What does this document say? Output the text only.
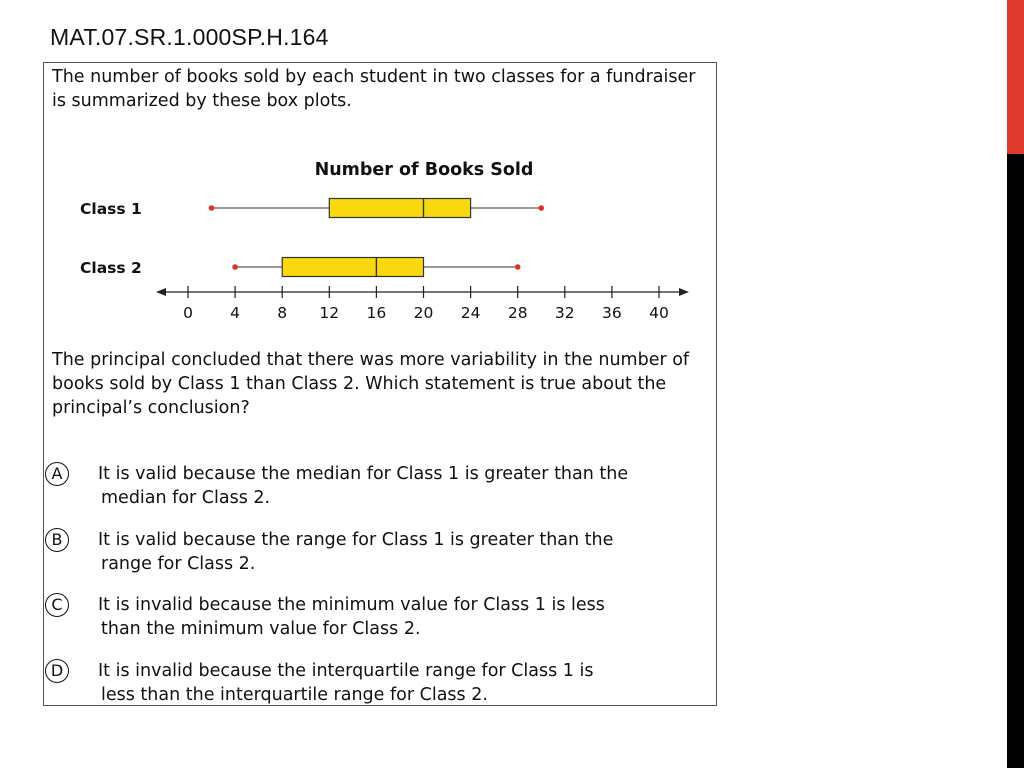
MAT.07.SR.1.000SP.H.164
The number of books sold by each student in two classes for a fundraiser is summarized by these box plots.
Number of Books Sold
Class 1
Class 2
0 4 8 12 16 20 24 28 32 36 40
The principal concluded that there was more variability in the number of books sold by Class 1 than Class 2. Which statement is true about the principal’s conclusion?
A	It is valid because the median for Class 1 is greater than the
median for Class 2.
B	It is valid because the range for Class 1 is greater than the
range for Class 2.
C	It is invalid because the minimum value for Class 1 is less
than the minimum value for Class 2.
D	It is invalid because the interquartile range for Class 1 is
less than the interquartile range for Class 2.
